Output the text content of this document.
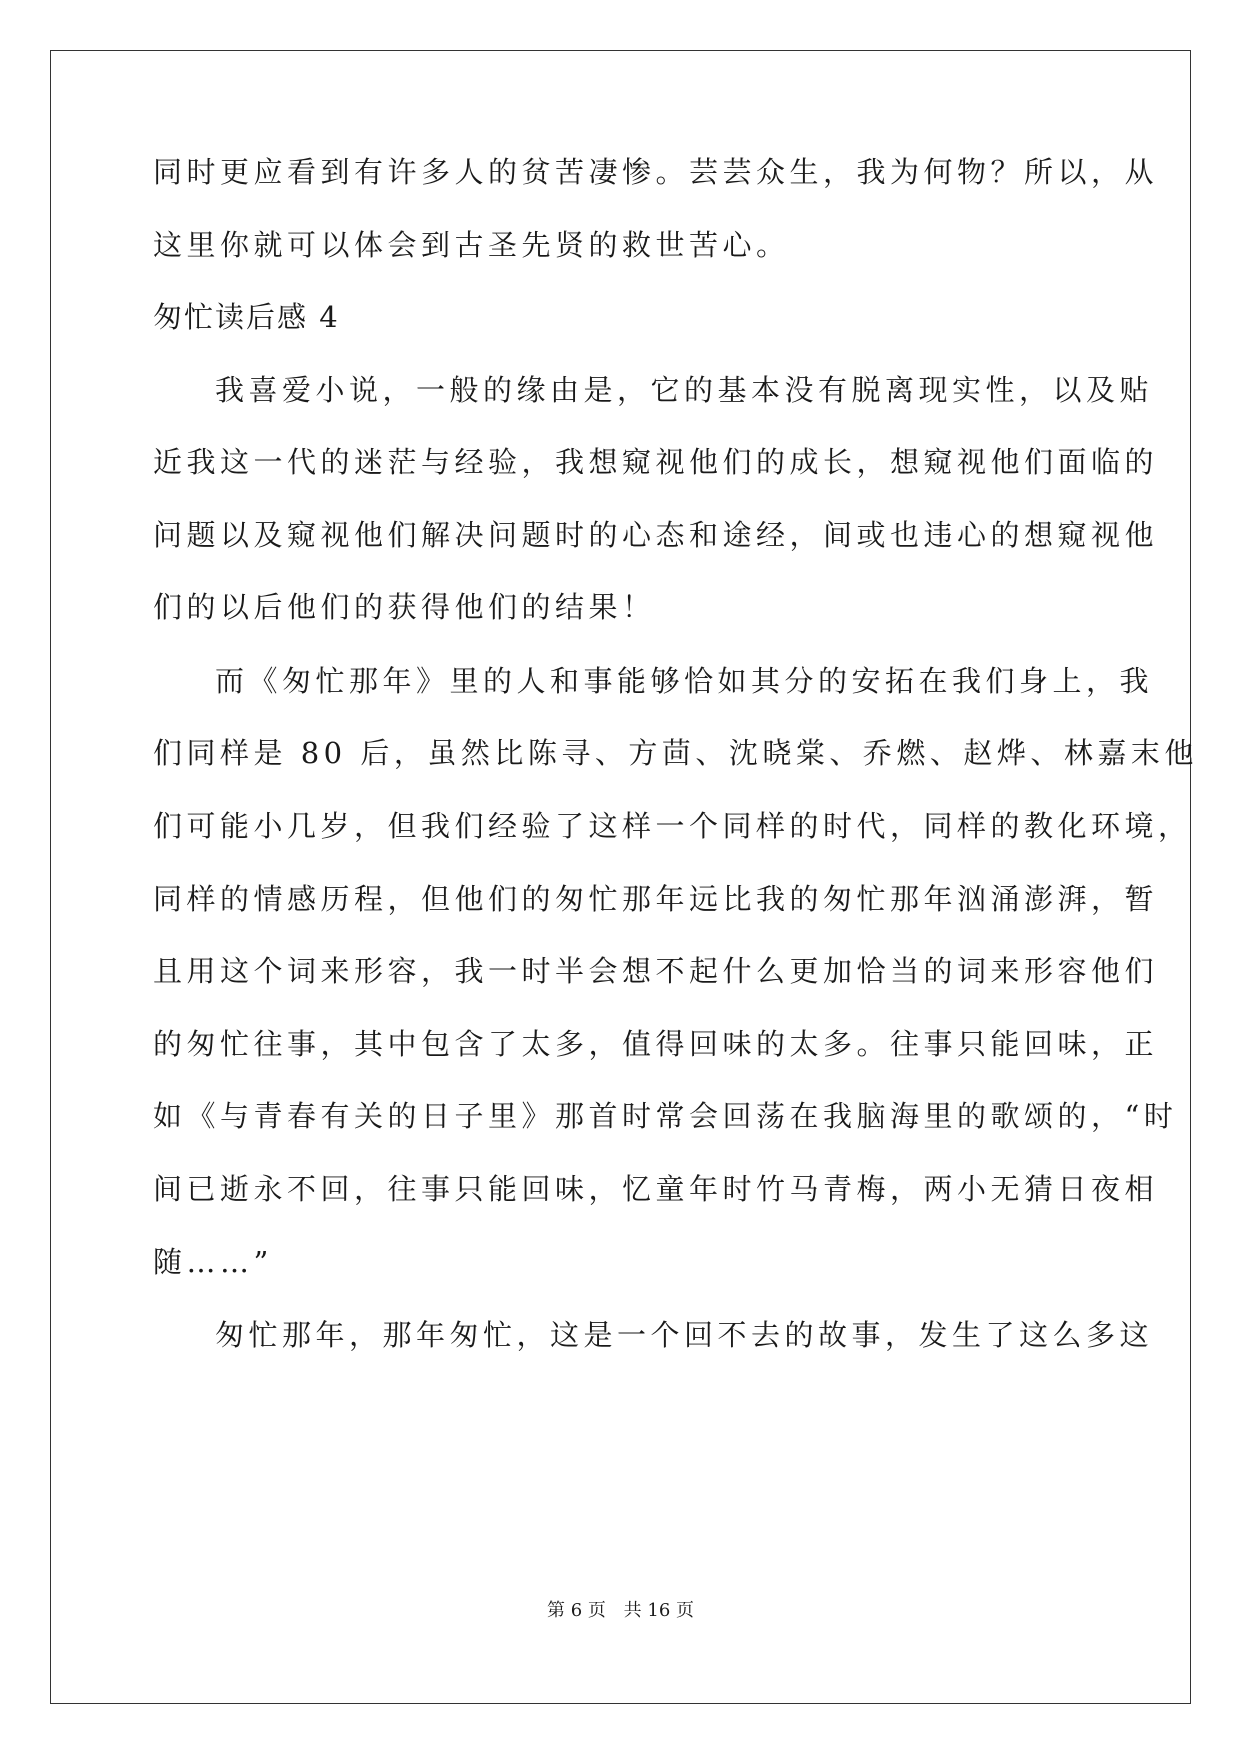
同时更应看到有许多人的贫苦凄惨。芸芸众生，我为何物？所以，从
这里你就可以体会到古圣先贤的救世苦心。
匆忙读后感 4
我喜爱小说，一般的缘由是，它的基本没有脱离现实性，以及贴
近我这一代的迷茫与经验，我想窥视他们的成长，想窥视他们面临的
问题以及窥视他们解决问题时的心态和途经，间或也违心的想窥视他
们的以后他们的获得他们的结果！
而《匆忙那年》里的人和事能够恰如其分的安拓在我们身上，我
们同样是 80 后，虽然比陈寻、方茴、沈晓棠、乔燃、赵烨、林嘉末他
们可能小几岁，但我们经验了这样一个同样的时代，同样的教化环境，
同样的情感历程，但他们的匆忙那年远比我的匆忙那年汹涌澎湃，暂
且用这个词来形容，我一时半会想不起什么更加恰当的词来形容他们
的匆忙往事，其中包含了太多，值得回味的太多。往事只能回味，正
如《与青春有关的日子里》那首时常会回荡在我脑海里的歌颂的，“时
间已逝永不回，往事只能回味，忆童年时竹马青梅，两小无猜日夜相
随……”
匆忙那年，那年匆忙，这是一个回不去的故事，发生了这么多这
第 6 页 共 16 页
